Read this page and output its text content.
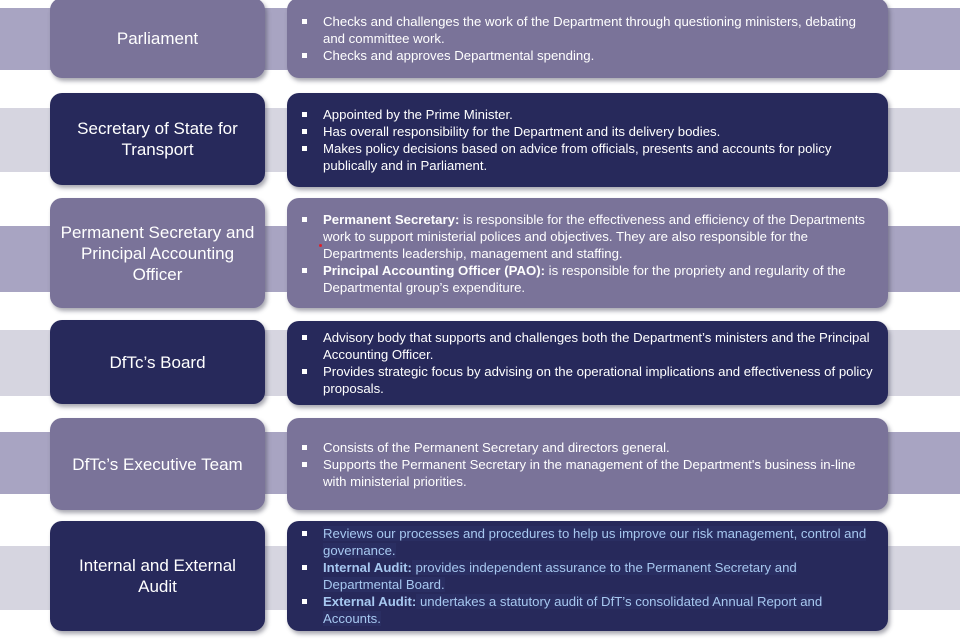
Parliament
Checks and challenges the work of the Department through questioning ministers, debating and committee work.
Checks and approves Departmental spending.
Secretary of State for Transport
Appointed by the Prime Minister.
Has overall responsibility for the Department and its delivery bodies.
Makes policy decisions based on advice from officials, presents and accounts for policy publically and in Parliament.
Permanent Secretary and Principal Accounting Officer
Permanent Secretary: is responsible for the effectiveness and efficiency of the Departments work to support ministerial polices and objectives. They are also responsible for the Departments leadership, management and staffing.
Principal Accounting Officer (PAO): is responsible for the propriety and regularity of the Departmental group’s expenditure.
DfTc’s Board
Advisory body that supports and challenges both the Department’s ministers and the Principal Accounting Officer.
Provides strategic focus by advising on the operational implications and effectiveness of policy proposals.
DfTc’s Executive Team
Consists of the Permanent Secretary and directors general.
Supports the Permanent Secretary in the management of the Department's business in-line with ministerial priorities.
Internal and External Audit
Reviews our processes and procedures to help us improve our risk management, control and governance.
Internal Audit: provides independent assurance to the Permanent Secretary and Departmental Board.
External Audit: undertakes a statutory audit of DfT’s consolidated Annual Report and Accounts.
